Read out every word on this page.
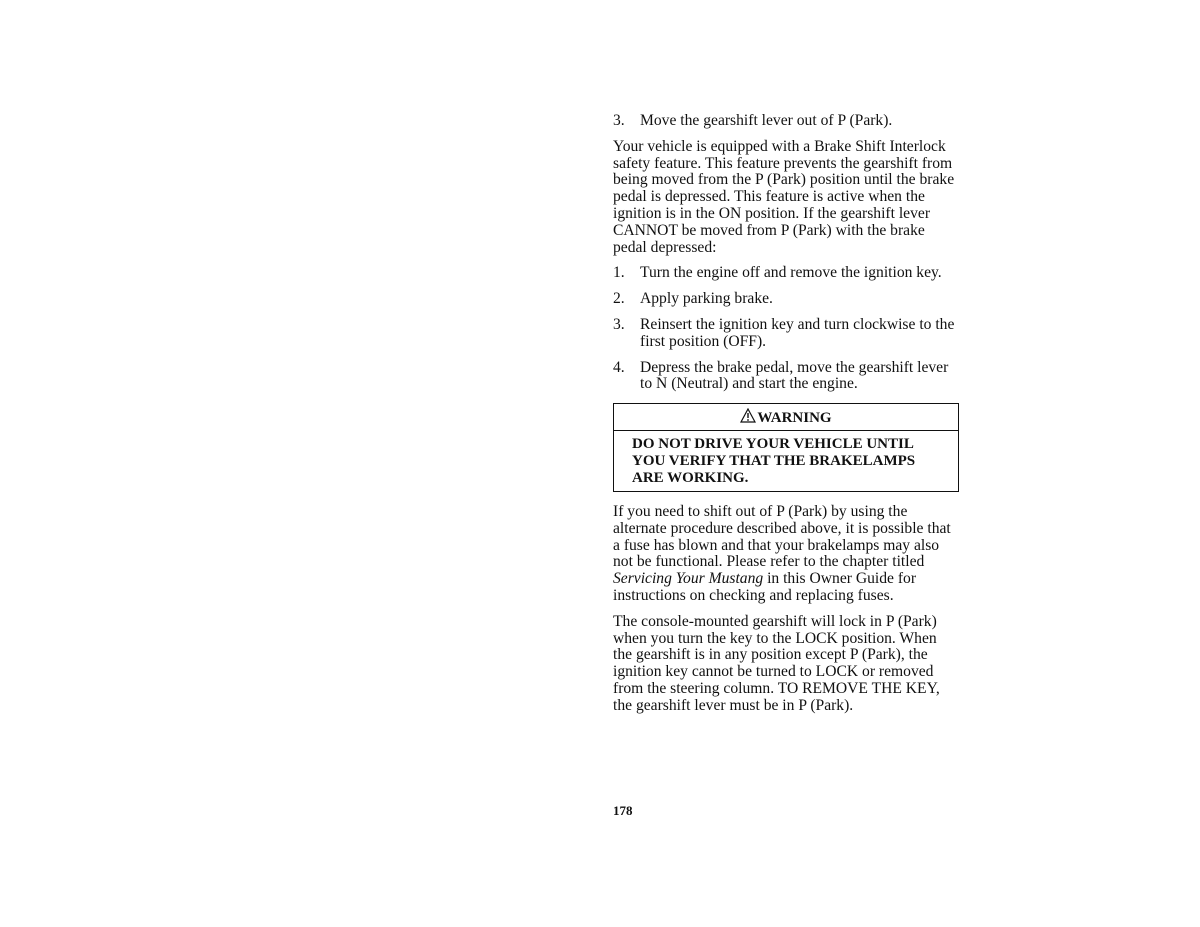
3. Move the gearshift lever out of P (Park).

Your vehicle is equipped with a Brake Shift Interlock safety feature. This feature prevents the gearshift from being moved from the P (Park) position until the brake pedal is depressed. This feature is active when the ignition is in the ON position. If the gearshift lever CANNOT be moved from P (Park) with the brake pedal depressed:

1. Turn the engine off and remove the ignition key.
2. Apply parking brake.
3. Reinsert the ignition key and turn clockwise to the first position (OFF).
4. Depress the brake pedal, move the gearshift lever to N (Neutral) and start the engine.
WARNING
DO NOT DRIVE YOUR VEHICLE UNTIL YOU VERIFY THAT THE BRAKELAMPS ARE WORKING.

If you need to shift out of P (Park) by using the alternate procedure described above, it is possible that a fuse has blown and that your brakelamps may also not be functional. Please refer to the chapter titled Servicing Your Mustang in this Owner Guide for instructions on checking and replacing fuses.

The console-mounted gearshift will lock in P (Park) when you turn the key to the LOCK position. When the gearshift is in any position except P (Park), the ignition key cannot be turned to LOCK or removed from the steering column. TO REMOVE THE KEY, the gearshift lever must be in P (Park).

178
